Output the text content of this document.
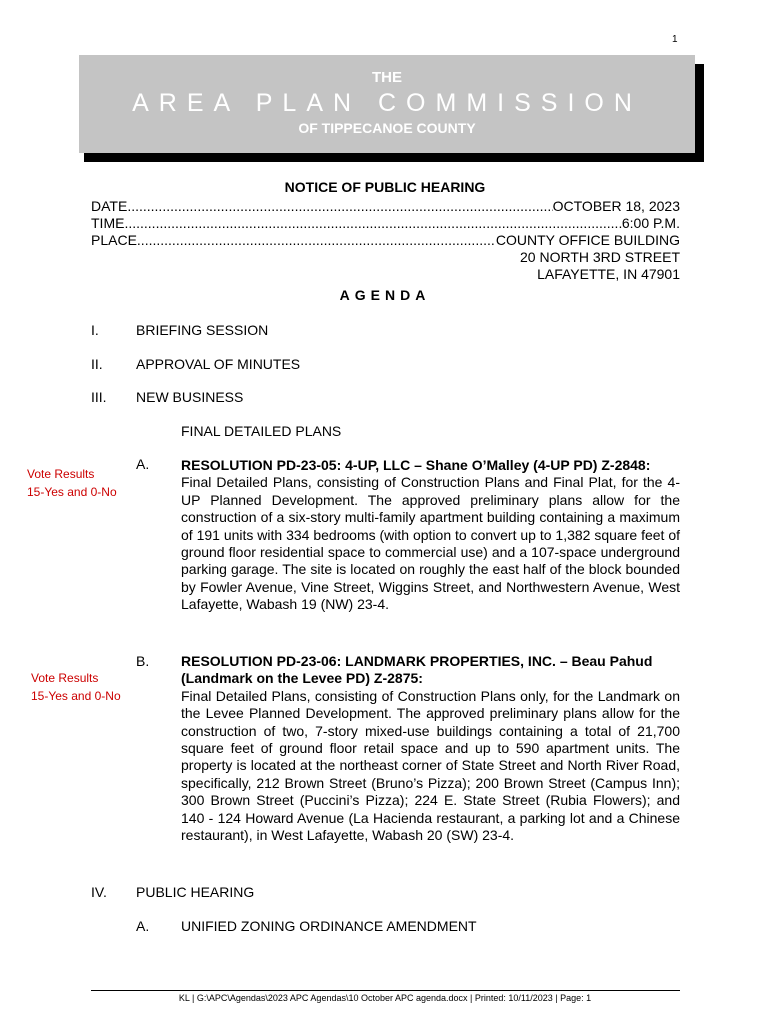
1
THE
AREA PLAN COMMISSION
OF TIPPECANOE COUNTY
NOTICE OF PUBLIC HEARING
DATE .....	OCTOBER 18, 2023
TIME .....	6:00 P.M.
PLACE .....	COUNTY OFFICE BUILDING
20 NORTH 3RD STREET
LAFAYETTE, IN 47901
AGENDA
I.	BRIEFING SESSION
II. APPROVAL OF MINUTES
III. NEW BUSINESS
FINAL DETAILED PLANS
A.
Vote Results
15-Yes and 0-No
RESOLUTION PD-23-05: 4-UP, LLC – Shane O’Malley (4-UP PD) Z-2848:
Final Detailed Plans, consisting of Construction Plans and Final Plat, for the 4-UP Planned Development. The approved preliminary plans allow for the construction of a six-story multi-family apartment building containing a maximum of 191 units with 334 bedrooms (with option to convert up to 1,382 square feet of ground floor residential space to commercial use) and a 107-space underground parking garage. The site is located on roughly the east half of the block bounded by Fowler Avenue, Vine Street, Wiggins Street, and Northwestern Avenue, West Lafayette, Wabash 19 (NW) 23-4.
B.
Vote Results
15-Yes and 0-No
RESOLUTION PD-23-06: LANDMARK PROPERTIES, INC. – Beau Pahud (Landmark on the Levee PD) Z-2875:
Final Detailed Plans, consisting of Construction Plans only, for the Landmark on the Levee Planned Development. The approved preliminary plans allow for the construction of two, 7-story mixed-use buildings containing a total of 21,700 square feet of ground floor retail space and up to 590 apartment units. The property is located at the northeast corner of State Street and North River Road, specifically, 212 Brown Street (Bruno’s Pizza); 200 Brown Street (Campus Inn); 300 Brown Street (Puccini’s Pizza); 224 E. State Street (Rubia Flowers); and 140 - 124 Howard Avenue (La Hacienda restaurant, a parking lot and a Chinese restaurant), in West Lafayette, Wabash 20 (SW) 23-4.
IV. PUBLIC HEARING
A. UNIFIED ZONING ORDINANCE AMENDMENT
KL | G:\APC\Agendas\2023 APC Agendas\10 October APC agenda.docx | Printed: 10/11/2023 | Page: 1
